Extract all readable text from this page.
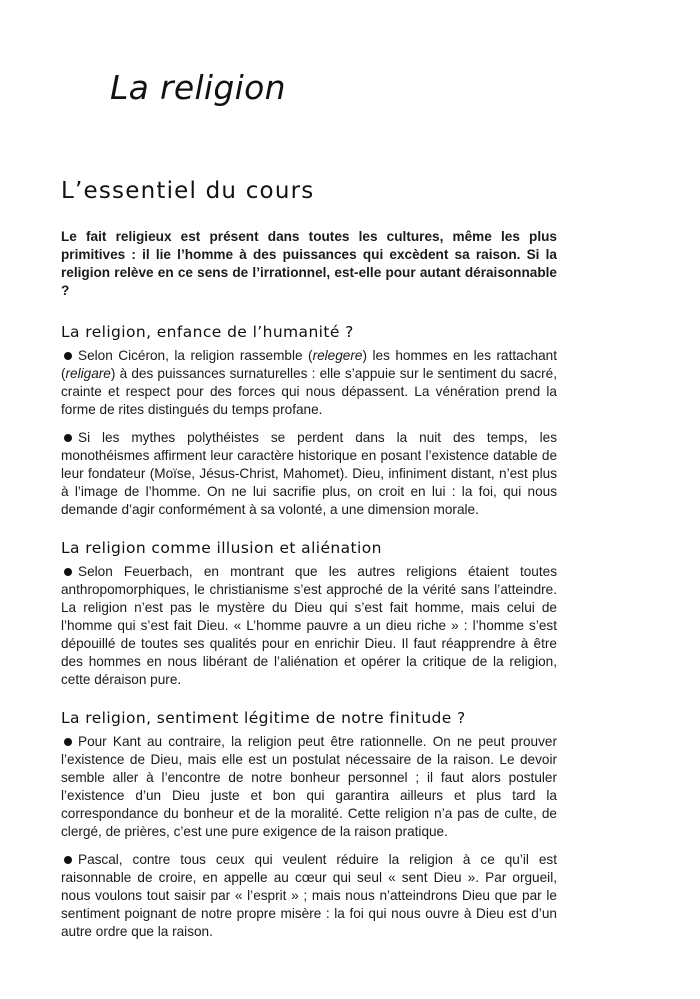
La religion
L’essentiel du cours

Le fait religieux est présent dans toutes les cultures, même les plus primitives : il lie l’homme à des puissances qui excèdent sa raison. Si la religion relève en ce sens de l’irrationnel, est-elle pour autant déraisonnable ?

La religion, enfance de l’humanité ?

Selon Cicéron, la religion rassemble (relegere) les hommes en les rattachant (religare) à des puissances surnaturelles : elle s’appuie sur le sentiment du sacré, crainte et respect pour des forces qui nous dépassent. La vénération prend la forme de rites distingués du temps profane.

Si les mythes polythéistes se perdent dans la nuit des temps, les monothéismes affirment leur caractère historique en posant l’existence datable de leur fondateur (Moïse, Jésus-Christ, Mahomet). Dieu, infiniment distant, n’est plus à l’image de l’homme. On ne lui sacrifie plus, on croit en lui : la foi, qui nous demande d’agir conformément à sa volonté, a une dimension morale.

La religion comme illusion et aliénation

Selon Feuerbach, en montrant que les autres religions étaient toutes anthropomorphiques, le christianisme s’est approché de la vérité sans l’atteindre. La religion n’est pas le mystère du Dieu qui s’est fait homme, mais celui de l’homme qui s’est fait Dieu. « L’homme pauvre a un dieu riche » : l’homme s’est dépouillé de toutes ses qualités pour en enrichir Dieu. Il faut réapprendre à être des hommes en nous libérant de l’aliénation et opérer la critique de la religion, cette déraison pure.

La religion, sentiment légitime de notre finitude ?

Pour Kant au contraire, la religion peut être rationnelle. On ne peut prouver l’existence de Dieu, mais elle est un postulat nécessaire de la raison. Le devoir semble aller à l’encontre de notre bonheur personnel ; il faut alors postuler l’existence d’un Dieu juste et bon qui garantira ailleurs et plus tard la correspondance du bonheur et de la moralité. Cette religion n’a pas de culte, de clergé, de prières, c’est une pure exigence de la raison pratique.

Pascal, contre tous ceux qui veulent réduire la religion à ce qu’il est raisonnable de croire, en appelle au cœur qui seul « sent Dieu ». Par orgueil, nous voulons tout saisir par « l’esprit » ; mais nous n’atteindrons Dieu que par le sentiment poignant de notre propre misère : la foi qui nous ouvre à Dieu est d’un autre ordre que la raison.
